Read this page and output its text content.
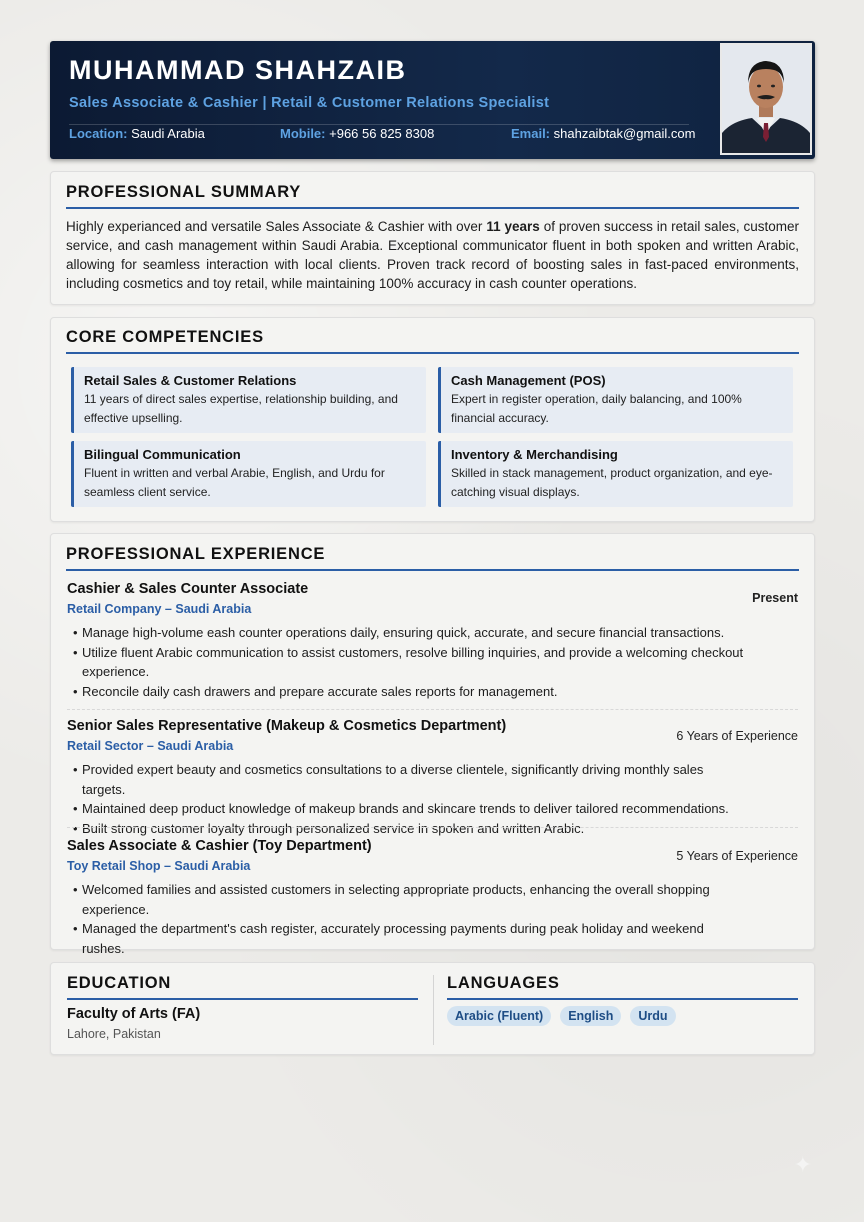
MUHAMMAD SHAHZAIB
Sales Associate & Cashier | Retail & Customer Relations Specialist
Location: Saudi Arabia	Mobile: +966 56 825 8308	Email: shahzaibtak@gmail.com
PROFESSIONAL SUMMARY

Highly experianced and versatile Sales Associate & Cashier with over 11 years of proven success in retail sales, customer service, and cash management within Saudi Arabia. Exceptional communicator fluent in both spoken and written Arabic, allowing for seamless interaction with local clients. Proven track record of boosting sales in fast-paced environments, including cosmetics and toy retail, while maintaining 100% accuracy in cash counter operations.

CORE COMPETENCIES
Retail Sales & Customer Relations
11 years of direct sales expertise, relationship building, and effective upselling.
Cash Management (POS)
Expert in register operation, daily balancing, and 100% financial accuracy.
Bilingual Communication
Fluent in written and verbal Arabie, English, and Urdu for seamless client service.
Inventory & Merchandising
Skilled in stack management, product organization, and eye-catching visual displays.
PROFESSIONAL EXPERIENCE
Cashier & Sales Counter Associate
Retail Company – Saudi Arabia
Present
• Manage high-volume eash counter operations daily, ensuring quick, accurate, and secure financial transactions.
• Utilize fluent Arabic communication to assist customers, resolve billing inquiries, and provide a welcoming checkout experience.
• Reconcile daily cash drawers and prepare accurate sales reports for management.
Senior Sales Representative (Makeup & Cosmetics Department)
Retail Sector – Saudi Arabia
6 Years of Experience
• Provided expert beauty and cosmetics consultations to a diverse clientele, significantly driving monthly sales targets.
• Maintained deep product knowledge of makeup brands and skincare trends to deliver tailored recommendations.
• Built strong customer loyalty through personalized service in spoken and written Arabic.
Sales Associate & Cashier (Toy Department)
Toy Retail Shop – Saudi Arabia
5 Years of Experience
• Welcomed families and assisted customers in selecting appropriate products, enhancing the overall shopping experience.
• Managed the department's cash register, accurately processing payments during peak holiday and weekend rushes.
•
EDUCATION
Faculty of Arts (FA)
Lahore, Pakistan
LANGUAGES
Arabic (Fluent)	English	Urdu
✦
